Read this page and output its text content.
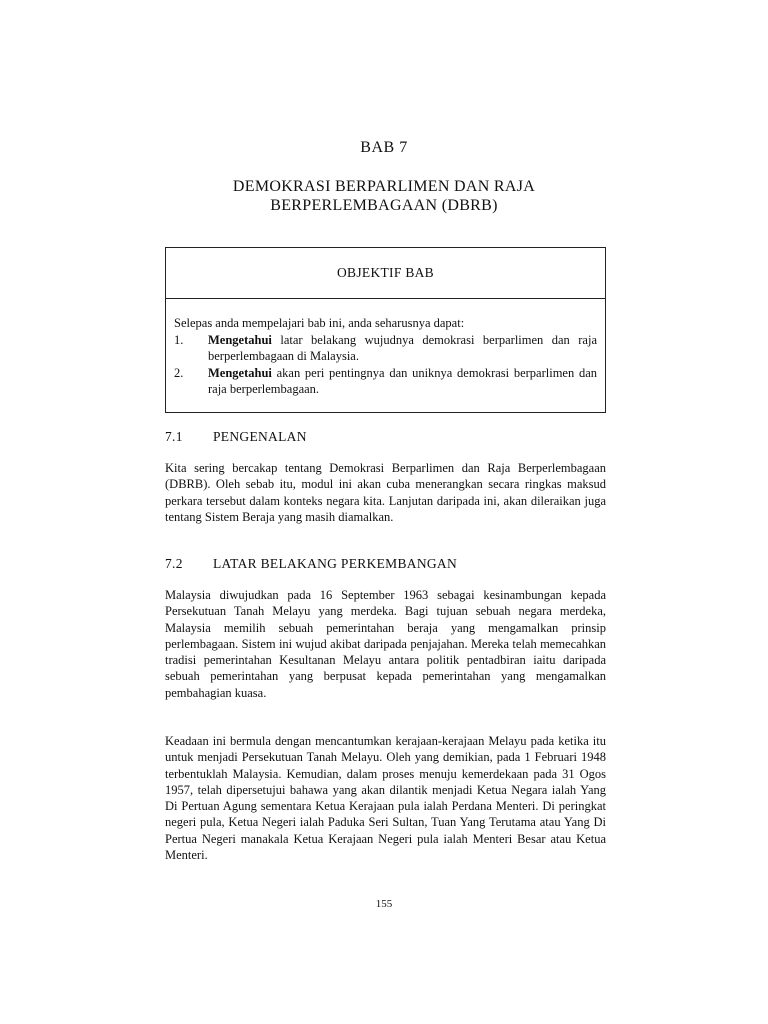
BAB 7
DEMOKRASI BERPARLIMEN DAN RAJA
BERPERLEMBAGAAN (DBRB)
OBJEKTIF BAB
Selepas anda mempelajari bab ini, anda seharusnya dapat:
1.	Mengetahui latar belakang wujudnya demokrasi berparlimen dan raja berperlembagaan di Malaysia.
2.	Mengetahui akan peri pentingnya dan uniknya demokrasi berparlimen dan raja berperlembagaan.
7.1 PENGENALAN
Kita sering bercakap tentang Demokrasi Berparlimen dan Raja Berperlembagaan (DBRB). Oleh sebab itu, modul ini akan cuba menerangkan secara ringkas maksud perkara tersebut dalam konteks negara kita. Lanjutan daripada ini, akan dileraikan juga tentang Sistem Beraja yang masih diamalkan.
7.2 LATAR BELAKANG PERKEMBANGAN
Malaysia diwujudkan pada 16 September 1963 sebagai kesinambungan kepada Persekutuan Tanah Melayu yang merdeka. Bagi tujuan sebuah negara merdeka, Malaysia memilih sebuah pemerintahan beraja yang mengamalkan prinsip perlembagaan. Sistem ini wujud akibat daripada penjajahan. Mereka telah memecahkan tradisi pemerintahan Kesultanan Melayu antara politik pentadbiran iaitu daripada sebuah pemerintahan yang berpusat kepada pemerintahan yang mengamalkan pembahagian kuasa.
Keadaan ini bermula dengan mencantumkan kerajaan-kerajaan Melayu pada ketika itu untuk menjadi Persekutuan Tanah Melayu. Oleh yang demikian, pada 1 Februari 1948 terbentuklah Malaysia. Kemudian, dalam proses menuju kemerdekaan pada 31 Ogos 1957, telah dipersetujui bahawa yang akan dilantik menjadi Ketua Negara ialah Yang Di Pertuan Agung sementara Ketua Kerajaan pula ialah Perdana Menteri. Di peringkat negeri pula, Ketua Negeri ialah Paduka Seri Sultan, Tuan Yang Terutama atau Yang Di Pertua Negeri manakala Ketua Kerajaan Negeri pula ialah Menteri Besar atau Ketua Menteri.
155
